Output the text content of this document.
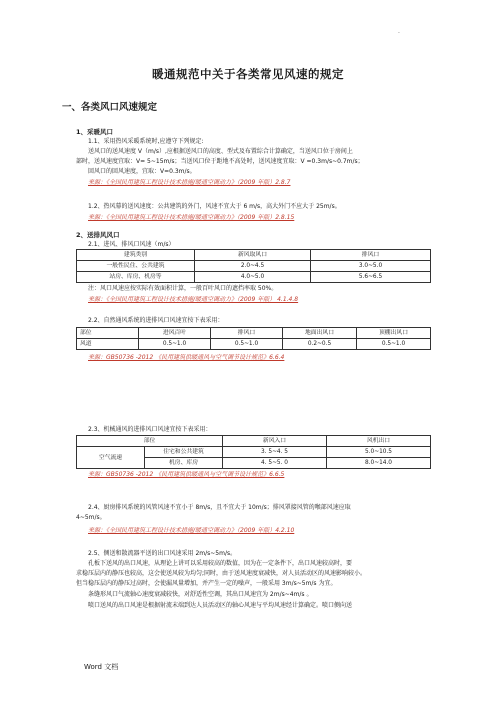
·
暖通规范中关于各类常见风速的规定
一、各类风口风速规定
1、采暖风口
1.1、采用热风采暖系统时,应遵守下列规定:
送风口的送风速度 V（m/s）,应根据送风口的高度、型式及布置综合计算确定，当送风口位于房间上
部时，送风速度宜取：V= 5~15m/s；当送风口位于距地不高处时，送风速度宜取：V =0.3m/s~0.7m/s；
回风口的回风速度，宜取：V=0.3m/s。
来源：《全国民用建筑工程设计技术措施/暖通空调动力》（2009 年版）2.8.7
1.2、热风幕的送风速度：公共建筑的外门，风速不宜大于 6 m/s，高大外门不应大于 25m/s。
来源：《全国民用建筑工程设计技术措施/暖通空调动力》（2009 年版）2.8.15
2、送排风风口
2.1、进风、排风口风速（m/s）
建筑类别	新风取风口	排风口
一般性民住、公共建筑	2.0~4.5	3.0~5.0
站房、库房、机房等	4.0~5.0	5.6~6.5
注：风口风速应按实际有效面积计算，一般百叶风口的遮挡率取 50%。
来源：《全国民用建筑工程设计技术措施/暖通空调动力》（2009 年版） 4.1.4.8
2.2、自然通风系统的进排风口风速宜按下表采用：
部位	进风百叶	排风口	地面出风口	顶棚出风口
风道	0.5~1.0	0.5~1.0	0.2~0.5	0.5~1.0
来源：GB50736 -2012 《民用建筑供暖通风与空气调节设计规范》6.6.4
2.3、机械通风的进排风口风速宜按下表采用：
部位		新风入口	风机出口
空气流速	住宅和公共建筑	3. 5~4. 5	5.0~10.5
	机房、库房	4. 5~5. 0	8.0~14.0
来源：GB50736 -2012 《民用建筑供暖通风与空气调节设计规范》6.6.5
2.4、厨房排风系统的风管风速不宜小于 8m/s，且不宜大于 10m/s；排风罩接风管的喉部风速应取
4~5m/s。
来源：《全国民用建筑工程设计技术措施/暖通空调动力》（2009 年版）4.2.10
2.5、侧送和散流器平送的出口风速采用 2m/s~5m/s。
孔板下送风的出口风速，从理论上讲可以采用较高的数值，因为在一定条件下，出口风速较高时，要
求稳压层内的静压也较高，这会使送风较为均匀;同时，由于送风速度衰减快，对人员活动区的风速影响较小。
但当稳压层内的静压过高时，会使漏风量增加，并产生一定的噪声，一般采用 3m/s~5m/s 为宜。
条缝形风口气流轴心速度衰减较快，对舒适性空调，其出口风速宜为 2m/s~4m/s 。
喷口送风的出口风速是根据射流末端到达人员活动区的轴心风速与平均风速经计算确定。喷口侧向送
Word 文档
